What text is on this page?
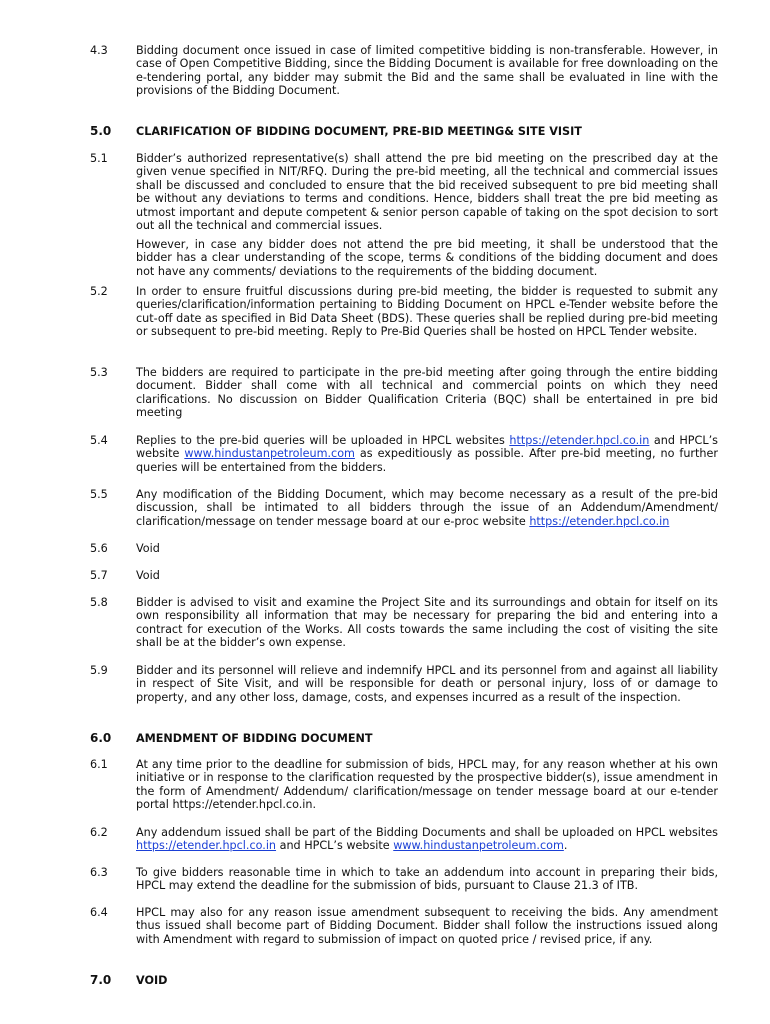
4.3	Bidding document once issued in case of limited competitive bidding is non-transferable. However, in case of Open Competitive Bidding, since the Bidding Document is available for free downloading on the e-tendering portal, any bidder may submit the Bid and the same shall be evaluated in line with the provisions of the Bidding Document.

5.0 CLARIFICATION OF BIDDING DOCUMENT, PRE-BID MEETING& SITE VISIT

5.1	Bidder’s authorized representative(s) shall attend the pre bid meeting on the prescribed day at the given venue specified in NIT/RFQ. During the pre-bid meeting, all the technical and commercial issues shall be discussed and concluded to ensure that the bid received subsequent to pre bid meeting shall be without any deviations to terms and conditions. Hence, bidders shall treat the pre bid meeting as utmost important and depute competent & senior person capable of taking on the spot decision to sort out all the technical and commercial issues.

However, in case any bidder does not attend the pre bid meeting, it shall be understood that the bidder has a clear understanding of the scope, terms & conditions of the bidding document and does not have any comments/ deviations to the requirements of the bidding document.

5.2	In order to ensure fruitful discussions during pre-bid meeting, the bidder is requested to submit any queries/clarification/information pertaining to Bidding Document on HPCL e-Tender website before the cut-off date as specified in Bid Data Sheet (BDS). These queries shall be replied during pre-bid meeting or subsequent to pre-bid meeting. Reply to Pre-Bid Queries shall be hosted on HPCL Tender website.

5.3	The bidders are required to participate in the pre-bid meeting after going through the entire bidding document. Bidder shall come with all technical and commercial points on which they need clarifications. No discussion on Bidder Qualification Criteria (BQC) shall be entertained in pre bid meeting

5.4	Replies to the pre-bid queries will be uploaded in HPCL websites https://etender.hpcl.co.in and HPCL’s website www.hindustanpetroleum.com as expeditiously as possible. After pre-bid meeting, no further queries will be entertained from the bidders.

5.5	Any modification of the Bidding Document, which may become necessary as a result of the pre-bid discussion, shall be intimated to all bidders through the issue of an Addendum/Amendment/ clarification/message on tender message board at our e-proc website https://etender.hpcl.co.in

5.6	Void

5.7	Void

5.8	Bidder is advised to visit and examine the Project Site and its surroundings and obtain for itself on its own responsibility all information that may be necessary for preparing the bid and entering into a contract for execution of the Works. All costs towards the same including the cost of visiting the site shall be at the bidder’s own expense.

5.9	Bidder and its personnel will relieve and indemnify HPCL and its personnel from and against all liability in respect of Site Visit, and will be responsible for death or personal injury, loss of or damage to property, and any other loss, damage, costs, and expenses incurred as a result of the inspection.

6.0 AMENDMENT OF BIDDING DOCUMENT

6.1	At any time prior to the deadline for submission of bids, HPCL may, for any reason whether at his own initiative or in response to the clarification requested by the prospective bidder(s), issue amendment in the form of Amendment/ Addendum/ clarification/message on tender message board at our e-tender portal https://etender.hpcl.co.in.

6.2	Any addendum issued shall be part of the Bidding Documents and shall be uploaded on HPCL websites https://etender.hpcl.co.in and HPCL’s website www.hindustanpetroleum.com.

6.3	To give bidders reasonable time in which to take an addendum into account in preparing their bids, HPCL may extend the deadline for the submission of bids, pursuant to Clause 21.3 of ITB.

6.4	HPCL may also for any reason issue amendment subsequent to receiving the bids. Any amendment thus issued shall become part of Bidding Document. Bidder shall follow the instructions issued along with Amendment with regard to submission of impact on quoted price / revised price, if any.

7.0 VOID
